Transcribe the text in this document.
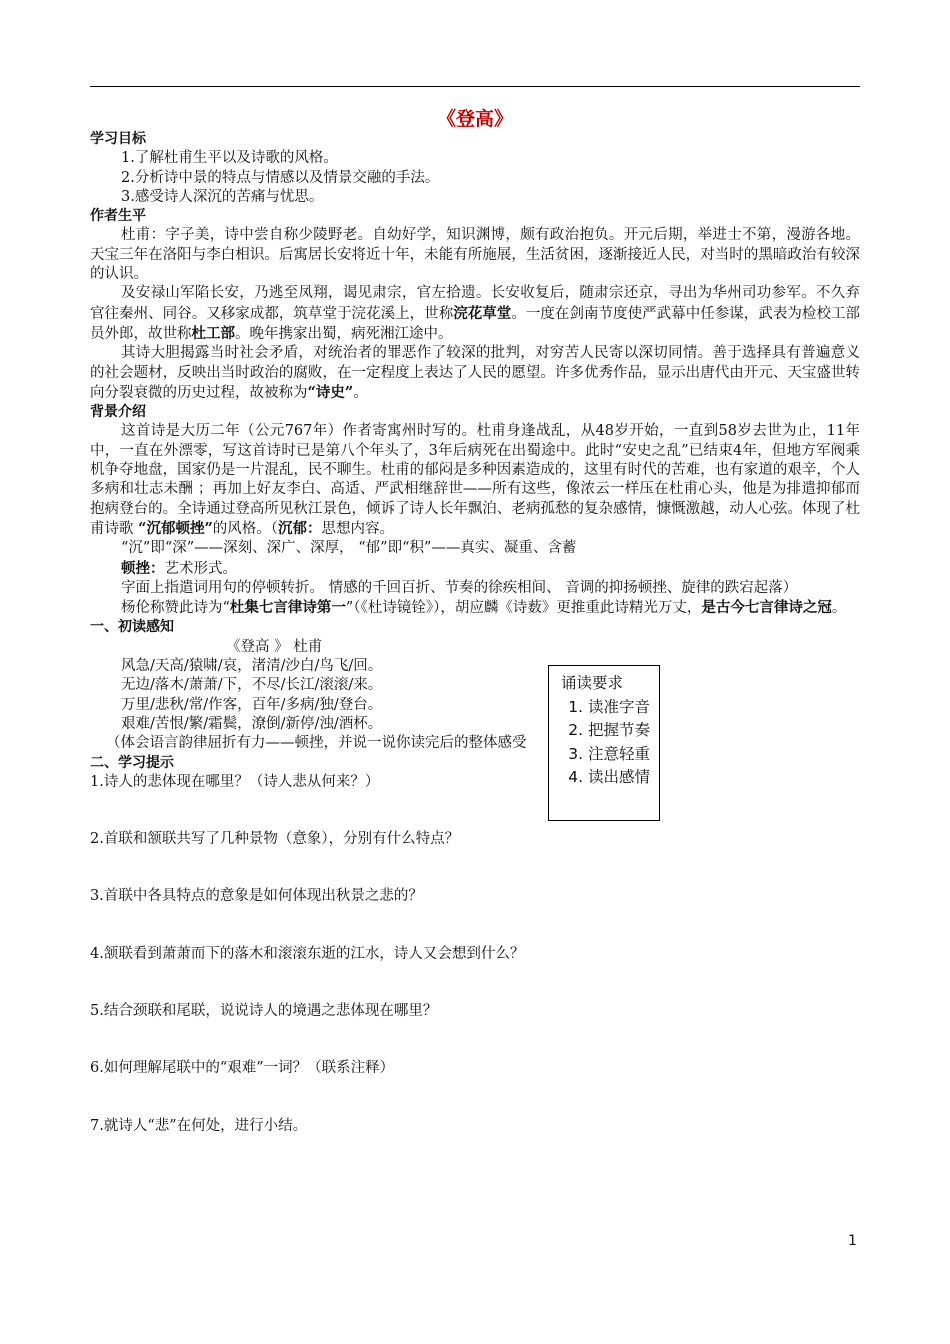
《登高》

学习目标

1.了解杜甫生平以及诗歌的风格。

2.分析诗中景的特点与情感以及情景交融的手法。

3.感受诗人深沉的苦痛与忧思。

作者生平

杜甫：字子美，诗中尝自称少陵野老。自幼好学，知识渊博，颇有政治抱负。开元后期，举进士不第，漫游各地。天宝三年在洛阳与李白相识。后寓居长安将近十年，未能有所施展，生活贫困，逐渐接近人民，对当时的黑暗政治有较深的认识。

及安禄山军陷长安，乃逃至凤翔，谒见肃宗，官左拾遗。长安收复后，随肃宗还京，寻出为华州司功参军。不久弃官往秦州、同谷。又移家成都，筑草堂于浣花溪上，世称浣花草堂。一度在剑南节度使严武幕中任参谋，武表为检校工部员外郎，故世称杜工部。晚年携家出蜀，病死湘江途中。

其诗大胆揭露当时社会矛盾，对统治者的罪恶作了较深的批判，对穷苦人民寄以深切同情。善于选择具有普遍意义的社会题材，反映出当时政治的腐败，在一定程度上表达了人民的愿望。许多优秀作品，显示出唐代由开元、天宝盛世转向分裂衰微的历史过程，故被称为“诗史”。

背景介绍

这首诗是大历二年（公元767年）作者寄寓州时写的。杜甫身逢战乱，从48岁开始，一直到58岁去世为止，11年中，一直在外漂零，写这首诗时已是第八个年头了，3年后病死在出蜀途中。此时“安史之乱”已结束4年，但地方军阀乘机争夺地盘，国家仍是一片混乱，民不聊生。杜甫的郁闷是多种因素造成的，这里有时代的苦难，也有家道的艰辛，个人多病和壮志未酬 ；再加上好友李白、高适、严武相继辞世——所有这些，像浓云一样压在杜甫心头，他是为排遣抑郁而抱病登台的。全诗通过登高所见秋江景色，倾诉了诗人长年飘泊、老病孤愁的复杂感情，慷慨激越，动人心弦。体现了杜甫诗歌 “沉郁顿挫”的风格。（沉郁：思想内容。

“沉”即“深”——深刻、深广、深厚， “郁”即“积”——真实、凝重、含蓄

顿挫：艺术形式。

字面上指遣词用句的停顿转折。 情感的千回百折、节奏的徐疾相间、 音调的抑扬顿挫、旋律的跌宕起落）

杨伦称赞此诗为“杜集七言律诗第一”（《杜诗镜铨》），胡应麟《诗薮》更推重此诗精光万丈，是古今七言律诗之冠。

一、初读感知

《登高 》 杜甫

风急/天高/猿啸/哀，渚清/沙白/鸟飞/回。

无边/落木/萧萧/下，不尽/长江/滚滚/来。

万里/悲秋/常/作客，百年/多病/独/登台。

艰难/苦恨/繁/霜鬓，潦倒/新停/浊/酒杯。

（体会语言韵律屈折有力——顿挫，并说一说你读完后的整体感受

二、学习提示

1.诗人的悲体现在哪里？（诗人悲从何来？）

2.首联和颔联共写了几种景物（意象），分别有什么特点？

3.首联中各具特点的意象是如何体现出秋景之悲的？

4.颔联看到萧萧而下的落木和滚滚东逝的江水，诗人又会想到什么？

5.结合颈联和尾联，说说诗人的境遇之悲体现在哪里？

6.如何理解尾联中的“艰难”一词？（联系注释）

7.就诗人“悲”在何处，进行小结。

诵读要求
1. 读准字音
2. 把握节奏
3. 注意轻重
4. 读出感情
1
